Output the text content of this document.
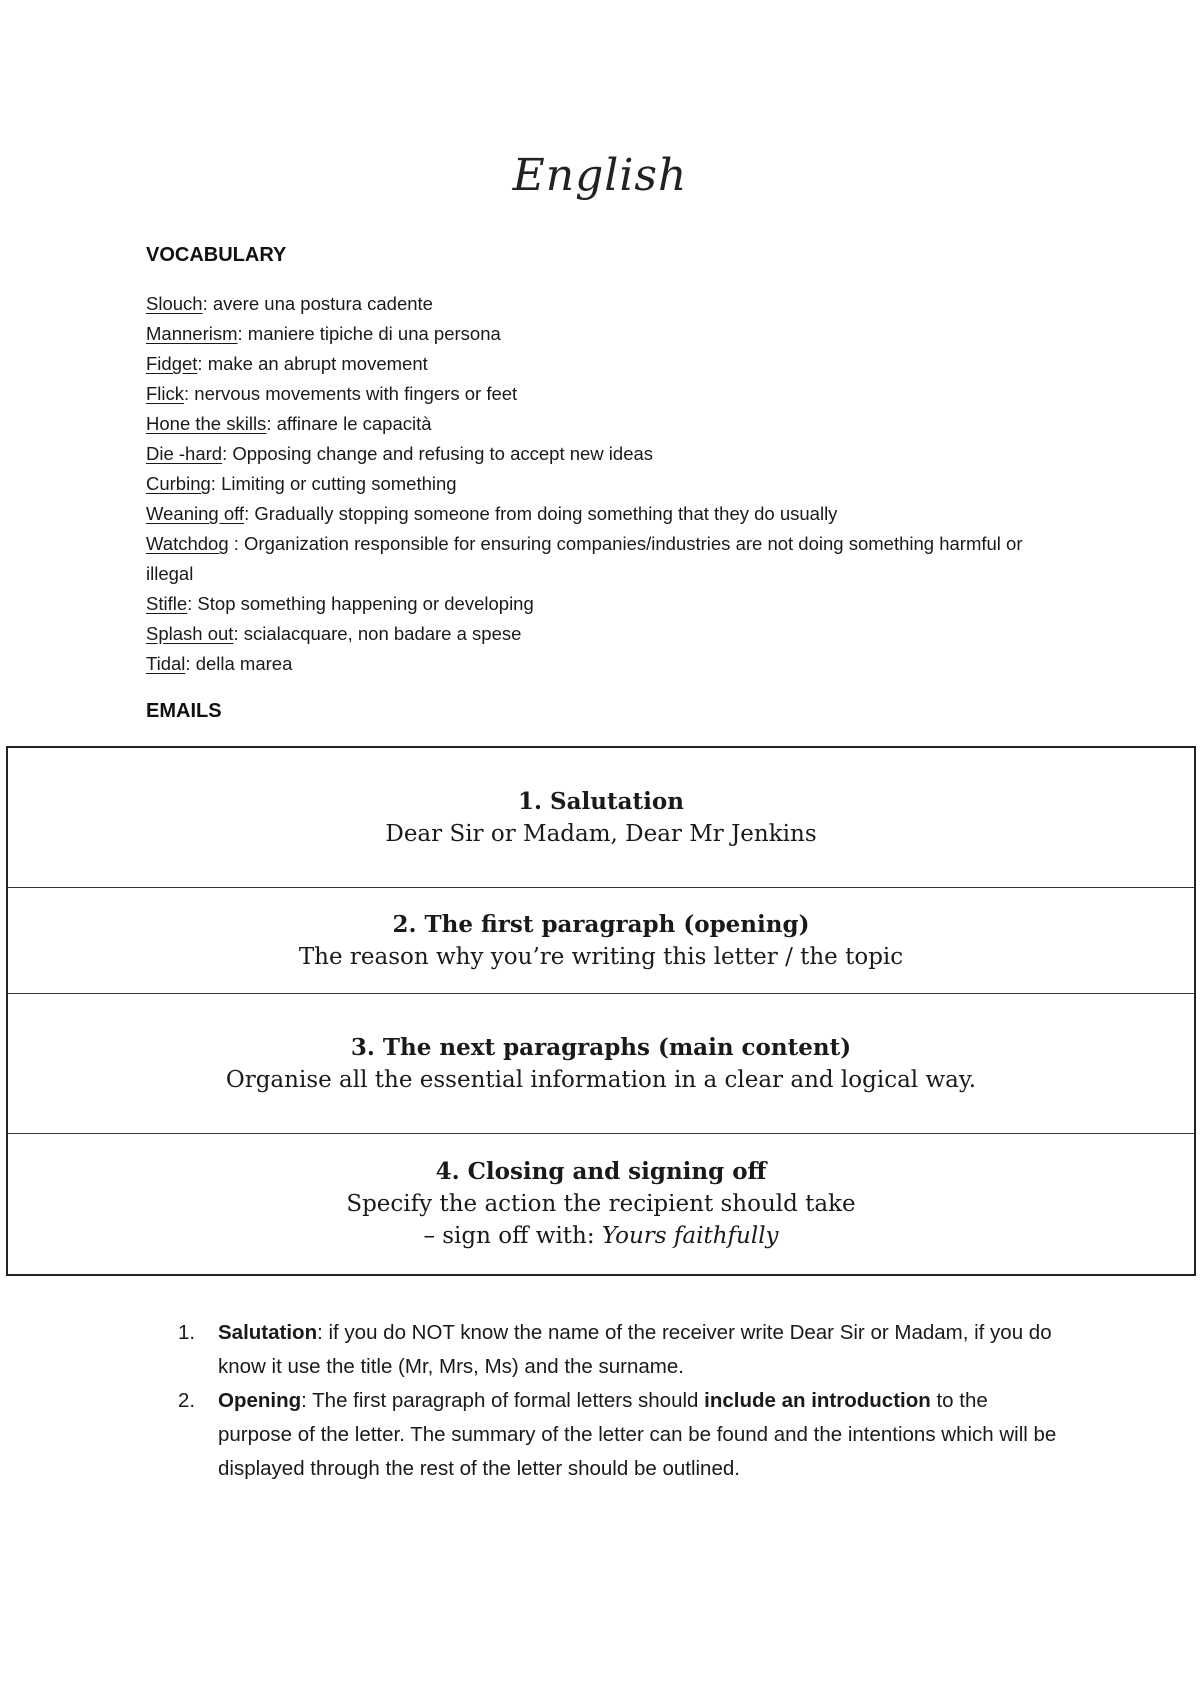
English
VOCABULARY

Slouch: avere una postura cadente

Mannerism: maniere tipiche di una persona

Fidget: make an abrupt movement

Flick: nervous movements with fingers or feet

Hone the skills: affinare le capacità

Die -hard: Opposing change and refusing to accept new ideas

Curbing: Limiting or cutting something

Weaning off: Gradually stopping someone from doing something that they do usually

Watchdog : Organization responsible for ensuring companies/industries are not doing something harmful or illegal

Stifle: Stop something happening or developing

Splash out: scialacquare, non badare a spese

Tidal: della marea

EMAILS
1. Salutation
Dear Sir or Madam, Dear Mr Jenkins
2. The first paragraph (opening)
The reason why you’re writing this letter / the topic
3. The next paragraphs (main content)
Organise all the essential information in a clear and logical way.
4. Closing and signing off
Specify the action the recipient should take
– sign off with: Yours faithfully
1. Salutation: if you do NOT know the name of the receiver write Dear Sir or Madam, if you do know it use the title (Mr, Mrs, Ms) and the surname.
2. Opening: The first paragraph of formal letters should include an introduction to the purpose of the letter. The summary of the letter can be found and the intentions which will be displayed through the rest of the letter should be outlined.
